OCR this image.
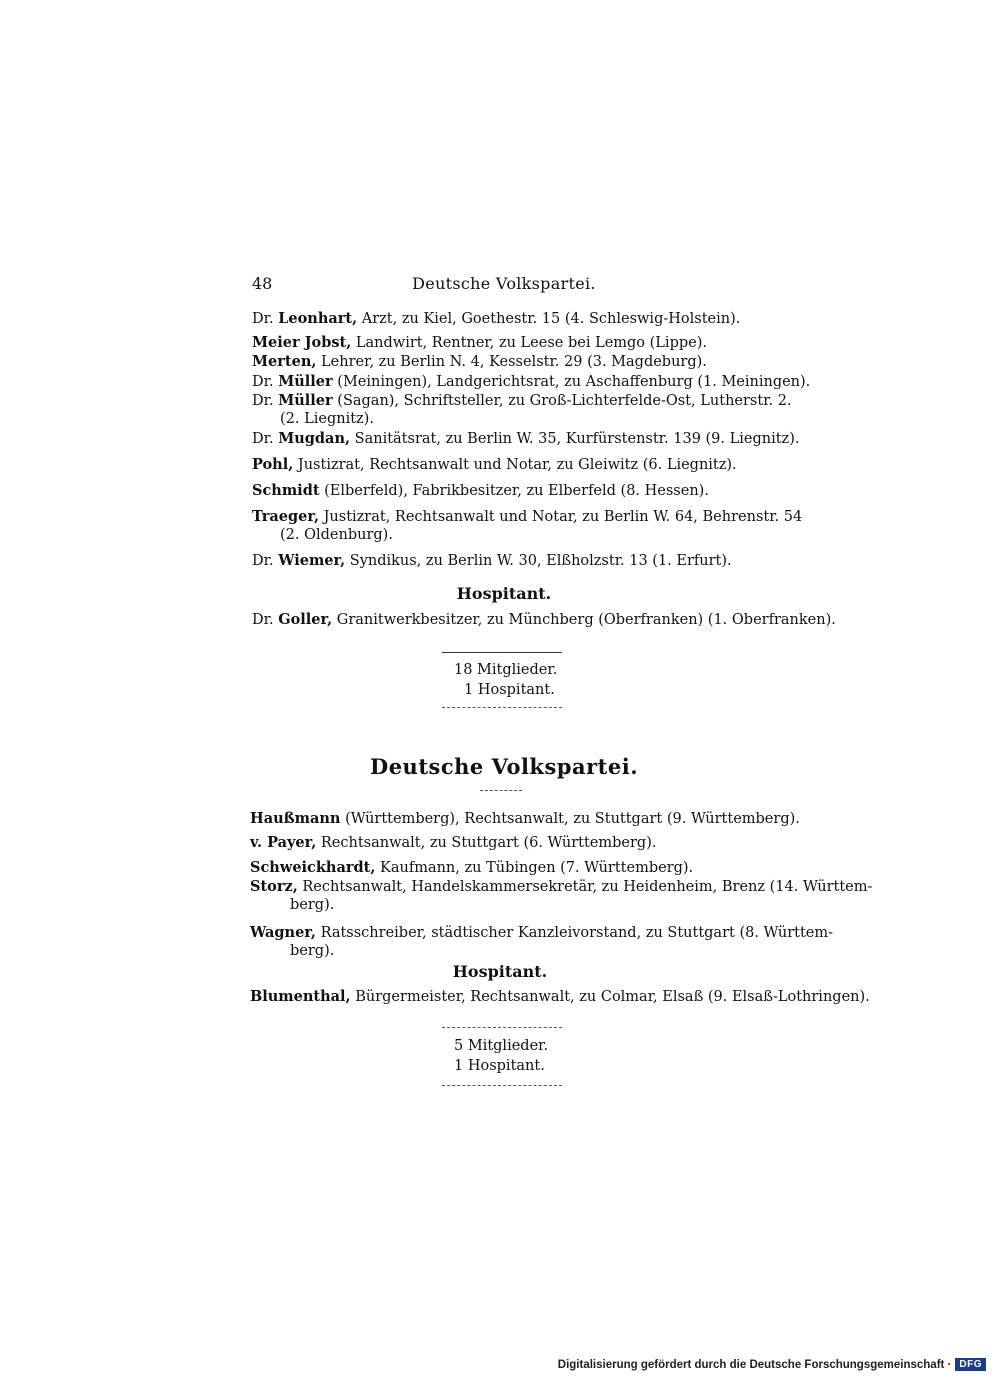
48	Deutsche Volkspartei.
Dr. Leonhart, Arzt, zu Kiel, Goethestr. 15 (4. Schleswig-Holstein).
Meier Jobst, Landwirt, Rentner, zu Leese bei Lemgo (Lippe).
Merten, Lehrer, zu Berlin N. 4, Kesselstr. 29 (3. Magdeburg).
Dr. Müller (Meiningen), Landgerichtsrat, zu Aschaffenburg (1. Meiningen).
Dr. Müller (Sagan), Schriftsteller, zu Groß-Lichterfelde-Ost, Lutherstr. 2.
(2. Liegnitz).
Dr. Mugdan, Sanitätsrat, zu Berlin W. 35, Kurfürstenstr. 139 (9. Liegnitz).
Pohl, Justizrat, Rechtsanwalt und Notar, zu Gleiwitz (6. Liegnitz).
Schmidt (Elberfeld), Fabrikbesitzer, zu Elberfeld (8. Hessen).
Traeger, Justizrat, Rechtsanwalt und Notar, zu Berlin W. 64, Behrenstr. 54
(2. Oldenburg).
Dr. Wiemer, Syndikus, zu Berlin W. 30, Elßholzstr. 13 (1. Erfurt).
Hospitant.
Dr. Goller, Granitwerkbesitzer, zu Münchberg (Oberfranken) (1. Oberfranken).
18 Mitglieder.
1 Hospitant.
Deutsche Volkspartei.
Haußmann (Württemberg), Rechtsanwalt, zu Stuttgart (9. Württemberg).
v. Payer, Rechtsanwalt, zu Stuttgart (6. Württemberg).
Schweickhardt, Kaufmann, zu Tübingen (7. Württemberg).
Storz, Rechtsanwalt, Handelskammersekretär, zu Heidenheim, Brenz (14. Württem-
berg).
Wagner, Ratsschreiber, städtischer Kanzleivorstand, zu Stuttgart (8. Württem-
berg).
Hospitant.
Blumenthal, Bürgermeister, Rechtsanwalt, zu Colmar, Elsaß (9. Elsaß-Lothringen).
5 Mitglieder.
1 Hospitant.
Digitalisierung gefördert durch die Deutsche Forschungsgemeinschaft · DFG
